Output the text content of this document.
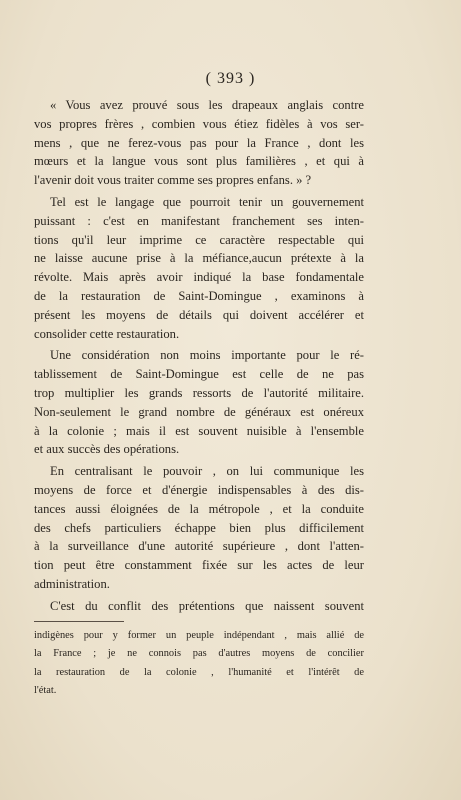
( 393 )
« Vous avez prouvé sous les drapeaux anglais contre
vos propres frères , combien vous étiez fidèles à vos ser-
mens , que ne ferez-vous pas pour la France , dont les
mœurs et la langue vous sont plus familières , et qui à
l'avenir doit vous traiter comme ses propres enfans. » ?
Tel est le langage que pourroit tenir un gouvernement
puissant : c'est en manifestant franchement ses inten-
tions qu'il leur imprime ce caractère respectable qui
ne laisse aucune prise à la méfiance,aucun prétexte à la
révolte. Mais après avoir indiqué la base fondamentale
de la restauration de Saint-Domingue , examinons à
présent les moyens de détails qui doivent accélérer et
consolider cette restauration.
Une considération non moins importante pour le ré-
tablissement de Saint-Domingue est celle de ne pas
trop multiplier les grands ressorts de l'autorité militaire.
Non-seulement le grand nombre de généraux est onéreux
à la colonie ; mais il est souvent nuisible à l'ensemble
et aux succès des opérations.
En centralisant le pouvoir , on lui communique les
moyens de force et d'énergie indispensables à des dis-
tances aussi éloignées de la métropole , et la conduite
des chefs particuliers échappe bien plus difficilement
à la surveillance d'une autorité supérieure , dont l'atten-
tion peut être constamment fixée sur les actes de leur
administration.
C'est du conflit des prétentions que naissent souvent
indigènes pour y former un peuple indépendant , mais allié de
la France ; je ne connois pas d'autres moyens de concilier
la restauration de la colonie , l'humanité et l'intérêt de
l'état.
